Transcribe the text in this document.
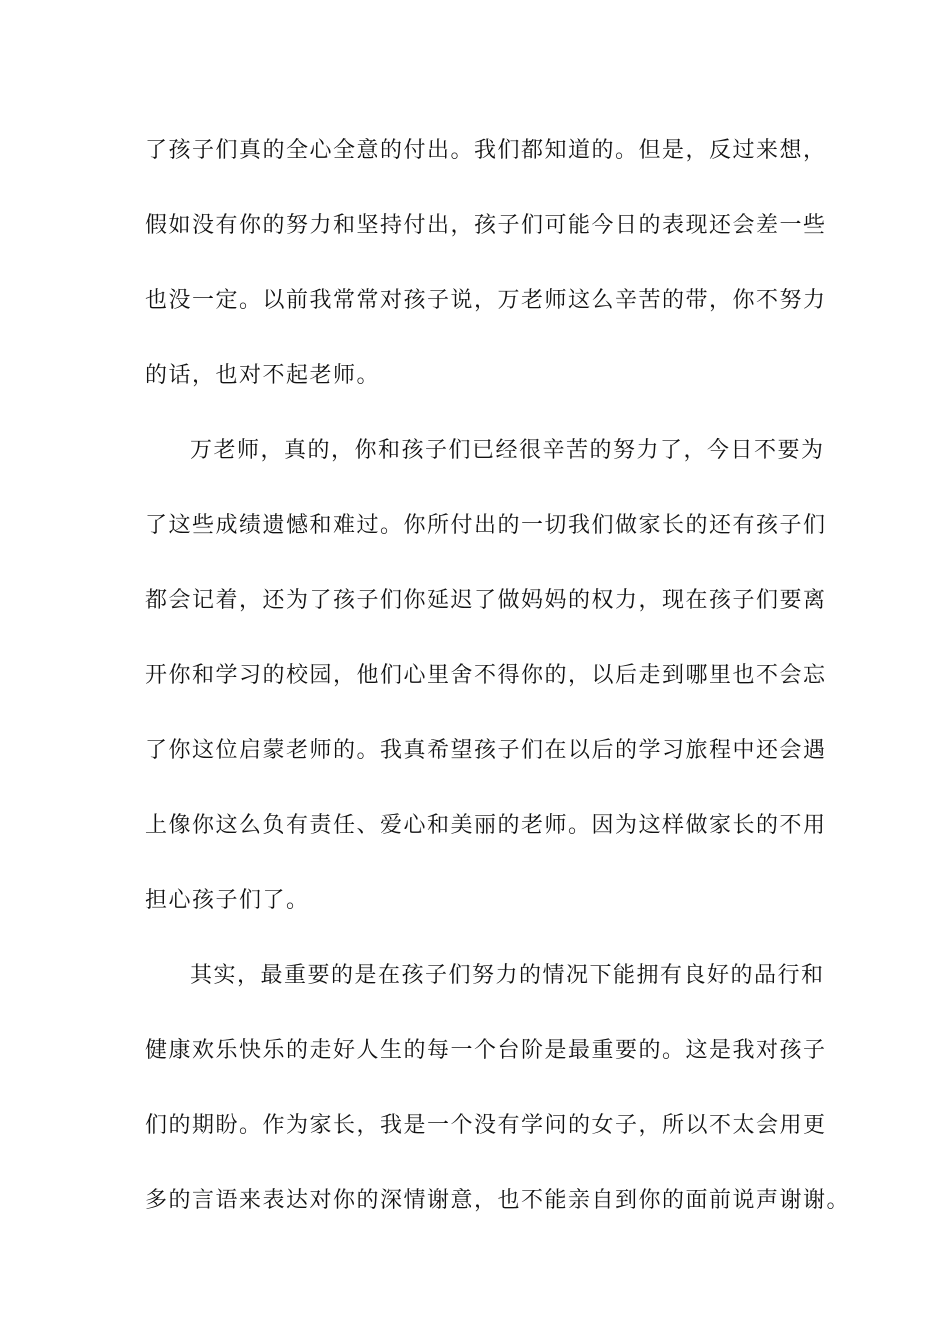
了孩子们真的全心全意的付出。我们都知道的。但是，反过来想，
假如没有你的努力和坚持付出，孩子们可能今日的表现还会差一些
也没一定。以前我常常对孩子说，万老师这么辛苦的带，你不努力
的话，也对不起老师。
万老师，真的，你和孩子们已经很辛苦的努力了，今日不要为
了这些成绩遗憾和难过。你所付出的一切我们做家长的还有孩子们
都会记着，还为了孩子们你延迟了做妈妈的权力，现在孩子们要离
开你和学习的校园，他们心里舍不得你的，以后走到哪里也不会忘
了你这位启蒙老师的。我真希望孩子们在以后的学习旅程中还会遇
上像你这么负有责任、爱心和美丽的老师。因为这样做家长的不用
担心孩子们了。
其实，最重要的是在孩子们努力的情况下能拥有良好的品行和
健康欢乐快乐的走好人生的每一个台阶是最重要的。这是我对孩子
们的期盼。作为家长，我是一个没有学问的女子，所以不太会用更
多的言语来表达对你的深情谢意，也不能亲自到你的面前说声谢谢。
